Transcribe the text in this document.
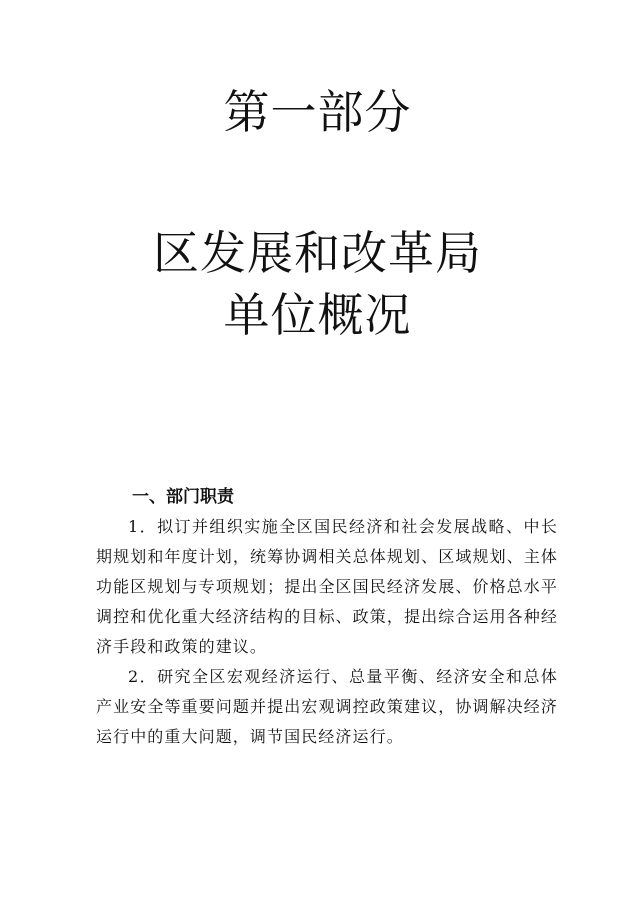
第一部分
区发展和改革局
单位概况

一、部门职责

1．拟订并组织实施全区国民经济和社会发展战略、中长期规划和年度计划，统筹协调相关总体规划、区域规划、主体功能区规划与专项规划；提出全区国民经济发展、价格总水平调控和优化重大经济结构的目标、政策，提出综合运用各种经济手段和政策的建议。

2．研究全区宏观经济运行、总量平衡、经济安全和总体产业安全等重要问题并提出宏观调控政策建议，协调解决经济运行中的重大问题，调节国民经济运行。
